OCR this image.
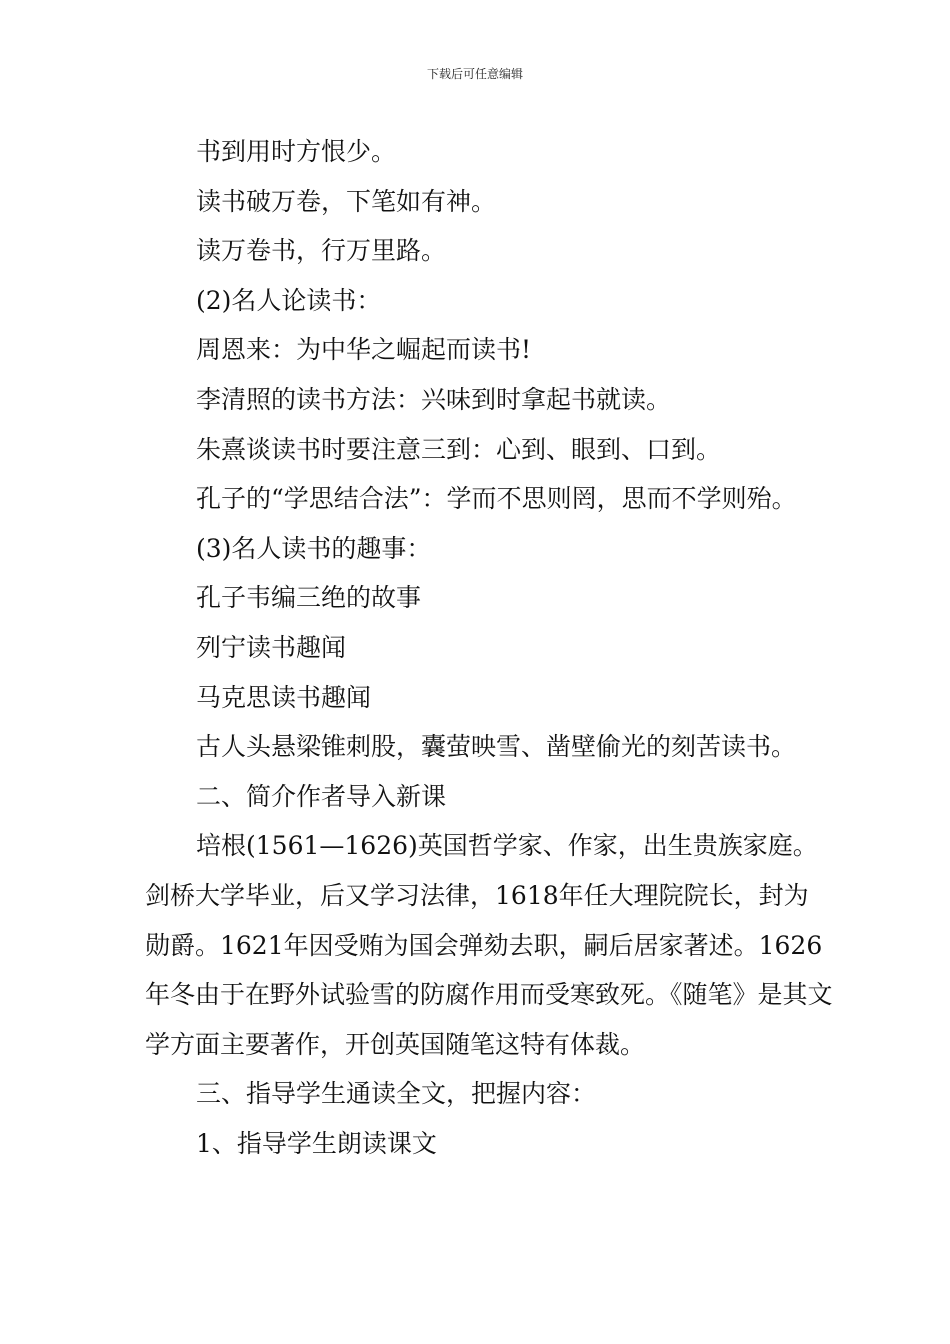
下载后可任意编辑

书到用时方恨少。

读书破万卷，下笔如有神。

读万卷书，行万里路。

(2)名人论读书：

周恩来：为中华之崛起而读书!

李清照的读书方法：兴味到时拿起书就读。

朱熹谈读书时要注意三到：心到、眼到、口到。

孔子的“学思结合法”：学而不思则罔，思而不学则殆。

(3)名人读书的趣事：

孔子韦编三绝的故事

列宁读书趣闻

马克思读书趣闻

古人头悬梁锥刺股，囊萤映雪、凿壁偷光的刻苦读书。

二、简介作者导入新课

培根(1561—1626)英国哲学家、作家，出生贵族家庭。剑桥大学毕业，后又学习法律，1618年任大理院院长，封为勋爵。1621年因受贿为国会弹劾去职，嗣后居家著述。1626年冬由于在野外试验雪的防腐作用而受寒致死。《随笔》是其文学方面主要著作，开创英国随笔这特有体裁。

三、指导学生通读全文，把握内容：

1、指导学生朗读课文
